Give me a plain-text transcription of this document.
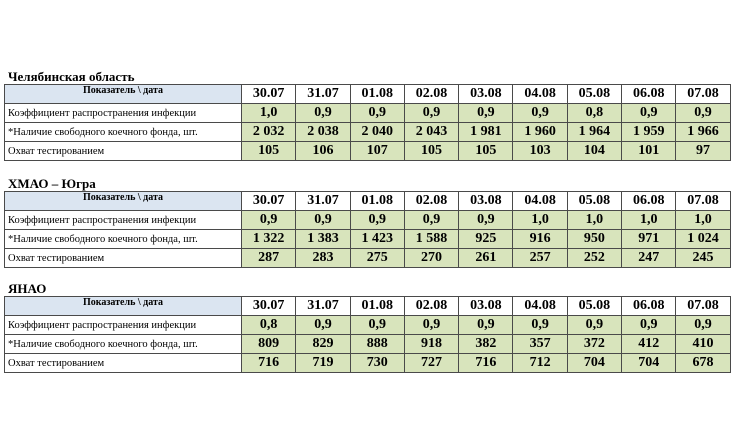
Челябинская область
Показатель \ дата	30.07	31.07	01.08	02.08	03.08	04.08	05.08	06.08	07.08
Коэффициент распространения инфекции	1,0	0,9	0,9	0,9	0,9	0,9	0,8	0,9	0,9
*Наличие свободного коечного фонда, шт.	2 032	2 038	2 040	2 043	1 981	1 960	1 964	1 959	1 966
Охват тестированием	105	106	107	105	105	103	104	101	97
ХМАО – Югра
Показатель \ дата	30.07	31.07	01.08	02.08	03.08	04.08	05.08	06.08	07.08
Коэффициент распространения инфекции	0,9	0,9	0,9	0,9	0,9	1,0	1,0	1,0	1,0
*Наличие свободного коечного фонда, шт.	1 322	1 383	1 423	1 588	925	916	950	971	1 024
Охват тестированием	287	283	275	270	261	257	252	247	245
ЯНАО
Показатель \ дата	30.07	31.07	01.08	02.08	03.08	04.08	05.08	06.08	07.08
Коэффициент распространения инфекции	0,8	0,9	0,9	0,9	0,9	0,9	0,9	0,9	0,9
*Наличие свободного коечного фонда, шт.	809	829	888	918	382	357	372	412	410
Охват тестированием	716	719	730	727	716	712	704	704	678
